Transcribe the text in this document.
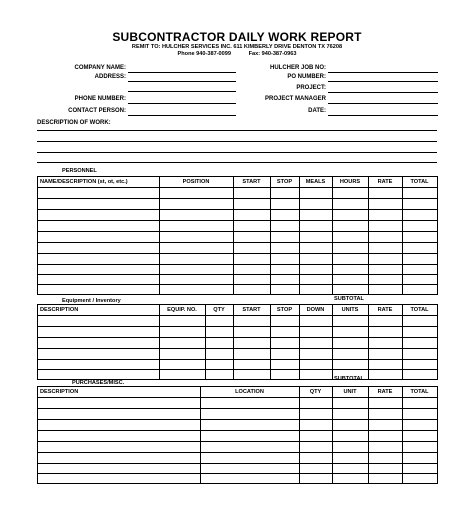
SUBCONTRACTOR DAILY WORK REPORT
REMIT TO: HULCHER SERVICES INC. 611 KIMBERLY DRIVE DENTON TX 76208
Phone 940-387-0099	Fax: 940-387-0963
COMPANY NAME:
ADDRESS:
PHONE NUMBER:
CONTACT PERSON:
HULCHER JOB NO:
PO NUMBER:
PROJECT:
PROJECT MANAGER
DATE:
DESCRIPTION OF WORK:
PERSONNEL
NAME/DESCRIPTION (st, ot, etc.)	POSITION	START	STOP	MEALS	HOURS	RATE	TOTAL
SUBTOTAL
Equipment / Inventory
DESCRIPTION	EQUIP. NO.	QTY	START	STOP	DOWN	UNITS	RATE	TOTAL
SUBTOTAL
PURCHASES/MISC.
DESCRIPTION	LOCATION	QTY	UNIT	RATE	TOTAL
